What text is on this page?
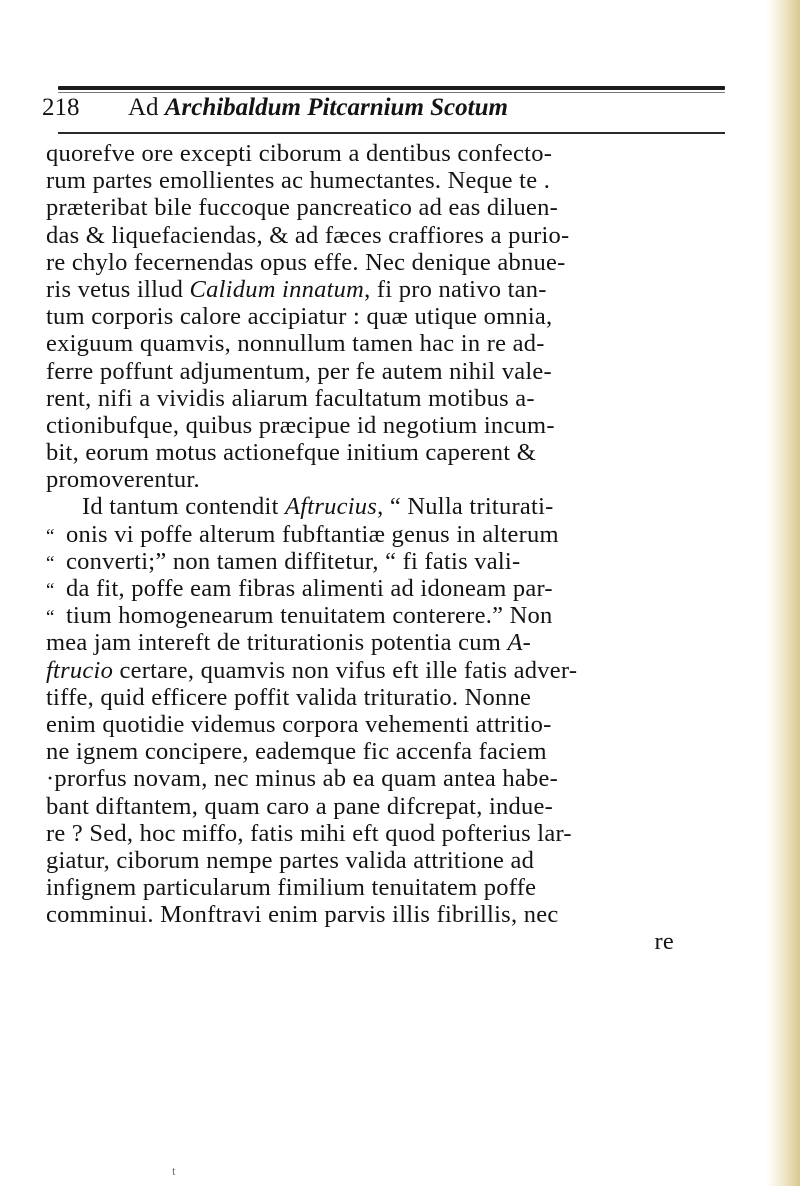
218 Ad Archibaldum Pitcarnium Scotum
quorefve ore excepti ciborum a dentibus confecto-
rum partes emollientes ac humectantes. Neque te .
præteribat bile fuccoque pancreatico ad eas diluen-
das & liquefaciendas, & ad fæces craffiores a purio-
re chylo fecernendas opus effe. Nec denique abnue-
ris vetus illud Calidum innatum, fi pro nativo tan-
tum corporis calore accipiatur : quæ utique omnia,
exiguum quamvis, nonnullum tamen hac in re ad-
ferre poffunt adjumentum, per fe autem nihil vale-
rent, nifi a vividis aliarum facultatum motibus a-
ctionibufque, quibus præcipue id negotium incum-
bit, eorum motus actionefque initium caperent &
promoverentur.
Id tantum contendit Aftrucius, “ Nulla triturati-
“ onis vi poffe alterum fubftantiæ genus in alterum
“ converti;” non tamen diffitetur, “ fi fatis vali-
“ da fit, poffe eam fibras alimenti ad idoneam par-
“ tium homogenearum tenuitatem conterere.” Non
mea jam intereft de triturationis potentia cum A-
ftrucio certare, quamvis non vifus eft ille fatis adver-
tiffe, quid efficere poffit valida trituratio. Nonne
enim quotidie videmus corpora vehementi attritio-
ne ignem concipere, eademque fic accenfa faciem
·prorfus novam, nec minus ab ea quam antea habe-
bant diftantem, quam caro a pane difcrepat, indue-
re ? Sed, hoc miffo, fatis mihi eft quod pofterius lar-
giatur, ciborum nempe partes valida attritione ad
infignem particularum fimilium tenuitatem poffe
comminui. Monftravi enim parvis illis fibrillis, nec
re
t
